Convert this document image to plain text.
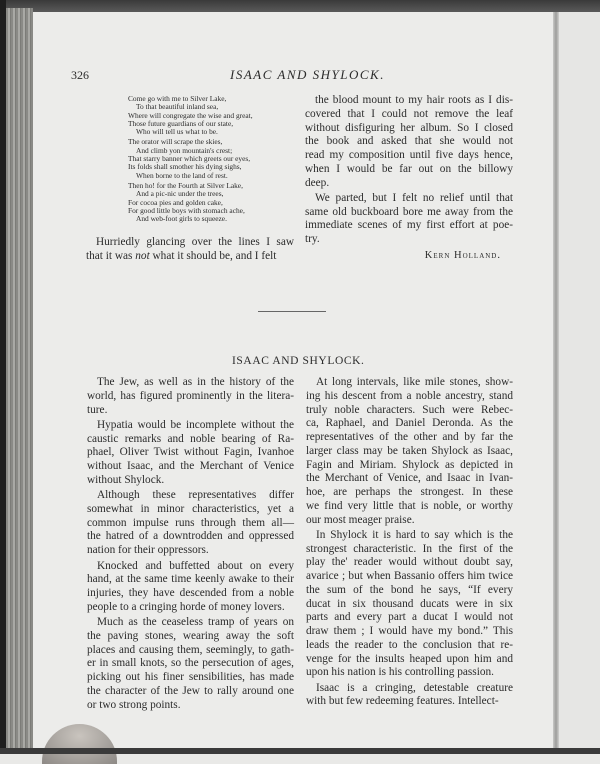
326	ISAAC AND SHYLOCK.
Come go with me to Silver Lake,
To that beautiful inland sea,
Where will congregate the wise and great,
Those future guardians of our state,
Who will tell us what to be.
The orator will scrape the skies,
And climb yon mountain's crest;
That starry banner which greets our eyes,
Its folds shall smother his dying sighs,
When borne to the land of rest.
Then ho! for the Fourth at Silver Lake,
And a pic-nic under the trees,
For cocoa pies and golden cake,
For good little boys with stomach ache,
And web-foot girls to squeeze.
Hurriedly glancing over the lines I saw
that it was not what it should be, and I felt
the blood mount to my hair roots as I dis-
covered that I could not remove the leaf
without disfiguring her album. So I closed
the book and asked that she would not
read my composition until five days hence,
when I would be far out on the billowy
deep.
We parted, but I felt no relief until that
same old buckboard bore me away from the
immediate scenes of my first effort at poe-
try.
Kern Holland.
ISAAC AND SHYLOCK.
The Jew, as well as in the history of the
world, has figured prominently in the litera-
ture.
Hypatia would be incomplete without the
caustic remarks and noble bearing of Ra-
phael, Oliver Twist without Fagin, Ivanhoe
without Isaac, and the Merchant of Venice
without Shylock.
Although these representatives differ
somewhat in minor characteristics, yet a
common impulse runs through them all—
the hatred of a downtrodden and oppressed
nation for their oppressors.
Knocked and buffetted about on every
hand, at the same time keenly awake to their
injuries, they have descended from a noble
people to a cringing horde of money lovers.
Much as the ceaseless tramp of years on
the paving stones, wearing away the soft
places and causing them, seemingly, to gath-
er in small knots, so the persecution of ages,
picking out his finer sensibilities, has made
the character of the Jew to rally around one
or two strong points.
At long intervals, like mile stones, show-
ing his descent from a noble ancestry, stand
truly noble characters. Such were Rebec-
ca, Raphael, and Daniel Deronda. As the
representatives of the other and by far the
larger class may be taken Shylock as Isaac,
Fagin and Miriam. Shylock as depicted in
the Merchant of Venice, and Isaac in Ivan-
hoe, are perhaps the strongest. In these
we find very little that is noble, or worthy
our most meager praise.
In Shylock it is hard to say which is the
strongest characteristic. In the first of the
play the' reader would without doubt say,
avarice ; but when Bassanio offers him twice
the sum of the bond he says, “If every
ducat in six thousand ducats were in six
parts and every part a ducat I would not
draw them ; I would have my bond.” This
leads the reader to the conclusion that re-
venge for the insults heaped upon him and
upon his nation is his controlling passion.
Isaac is a cringing, detestable creature
with but few redeeming features. Intellect-
